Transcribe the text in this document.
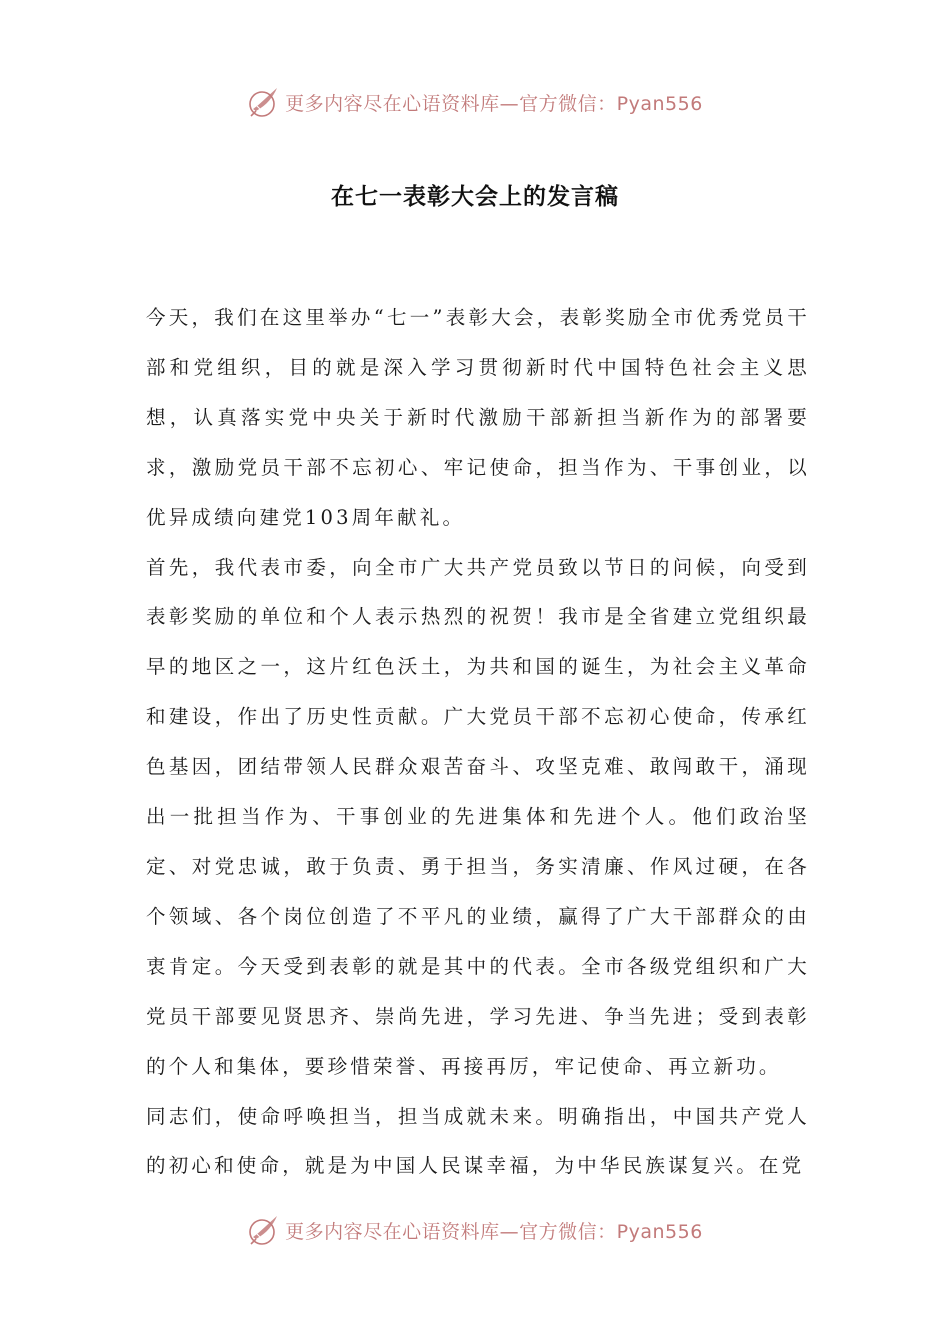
更多内容尽在心语资料库—官方微信：Pyan556
在七一表彰大会上的发言稿

今天，我们在这里举办“七一”表彰大会，表彰奖励全市优秀党员干部和党组织，目的就是深入学习贯彻新时代中国特色社会主义思想，认真落实党中央关于新时代激励干部新担当新作为的部署要求，激励党员干部不忘初心、牢记使命，担当作为、干事创业，以优异成绩向建党103周年献礼。

首先，我代表市委，向全市广大共产党员致以节日的问候，向受到表彰奖励的单位和个人表示热烈的祝贺！我市是全省建立党组织最早的地区之一，这片红色沃土，为共和国的诞生，为社会主义革命和建设，作出了历史性贡献。广大党员干部不忘初心使命，传承红色基因，团结带领人民群众艰苦奋斗、攻坚克难、敢闯敢干，涌现出一批担当作为、干事创业的先进集体和先进个人。他们政治坚定、对党忠诚，敢于负责、勇于担当，务实清廉、作风过硬，在各个领域、各个岗位创造了不平凡的业绩，赢得了广大干部群众的由衷肯定。今天受到表彰的就是其中的代表。全市各级党组织和广大党员干部要见贤思齐、崇尚先进，学习先进、争当先进；受到表彰的个人和集体，要珍惜荣誉、再接再厉，牢记使命、再立新功。

同志们，使命呼唤担当，担当成就未来。明确指出，中国共产党人的初心和使命，就是为中国人民谋幸福，为中华民族谋复兴。在党

更多内容尽在心语资料库—官方微信：Pyan556
